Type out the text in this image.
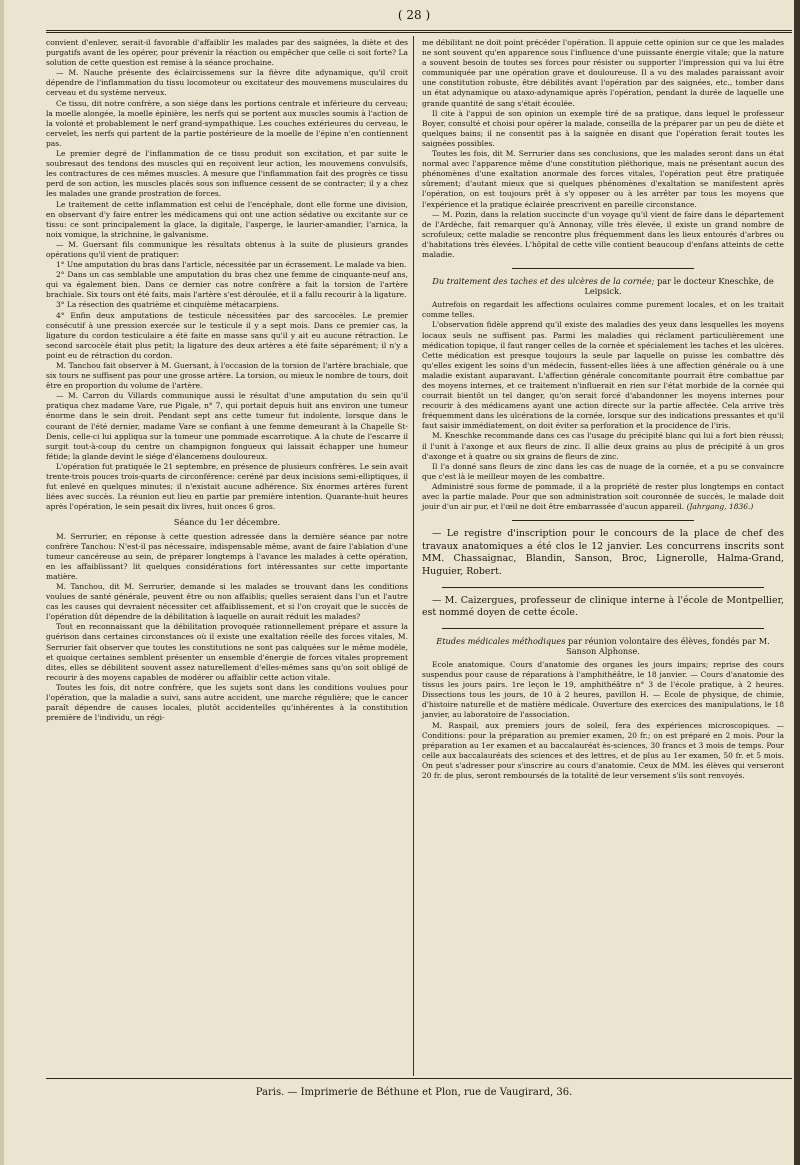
( 28 )

convient d'enlever, serait-il favorable d'affaiblir les malades par des saignées, la diète et des purgatifs avant de les opérer, pour prévenir la réaction ou empêcher que celle ci soit forte? La solution de cette question est remise à la séance prochaine.

— M. Nauche présente des éclaircissemens sur la fièvre dite adynamique, qu'il croit dépendre de l'inflammation du tissu locomoteur ou excitateur des mouvemens musculaires du cerveau et du système nerveux.

Ce tissu, dit notre confrère, a son siége dans les portions centrale et inférieure du cerveau; la moelle alongée, la moelle épinière, les nerfs qui se portent aux muscles soumis à l'action de la volonté et probablement le nerf grand-sympathique. Les couches extérieures du cerveau, le cervelet, les nerfs qui partent de la partie postérieure de la moelle de l'épine n'en contiennent pas.

Le premier degré de l'inflammation de ce tissu produit son excitation, et par suite le soubresaut des tendons des muscles qui en reçoivent leur action, les mouvemens convulsifs, les contractures de ces mêmes muscles. A mesure que l'inflammation fait des progrès ce tissu perd de son action, les muscles placés sous son influence cessent de se contracter; il y a chez les malades une grande prostration de forces.

Le traitement de cette inflammation est celui de l'encéphale, dont elle forme une division, en observant d'y faire entrer les médicamens qui ont une action sédative ou excitante sur ce tissu: ce sont principalement la glace, la digitale, l'asperge, le laurier-amandier, l'arnica, la noix vomique, la strichnine, le galvanisme.

— M. Guersant fils communique les résultats obtenus à la suite de plusieurs grandes opérations qu'il vient de pratiquer:

1° Une amputation du bras dans l'article, nécessitée par un écrasement. Le malade va bien.

2° Dans un cas semblable une amputation du bras chez une femme de cinquante-neuf ans, qui va également bien. Dans ce dernier cas notre confrère a fait la torsion de l'artère brachiale. Six tours ont été faits, mais l'artère s'est déroulée, et il a fallu recourir à la ligature.

3° La résection des quatrième et cinquième métacarpiens.

4° Enfin deux amputations de testicule nécessitées par des sarcocèles. Le premier consécutif à une pression exercée sur le testicule il y a sept mois. Dans ce premier cas, la ligature du cordon testiculaire a été faite en masse sans qu'il y ait eu aucune rétraction. Le second sarcocèle était plus petit; la ligature des deux artères a été faite séparément; il n'y a point eu de rétraction du cordon.

M. Tanchou fait observer à M. Guersant, à l'occasion de la torsion de l'artère brachiale, que six tours ne suffisent pas pour une grosse artère. La torsion, ou mieux le nombre de tours, doit être en proportion du volume de l'artère.

— M. Carron du Villards communique aussi le résultat d'une amputation du sein qu'il pratiqua chez madame Vare, rue Pigale, n° 7, qui portait depuis huit ans environ une tumeur énorme dans le sein droit. Pendant sept ans cette tumeur fut indolente, lorsque dans le courant de l'été dernier, madame Vare se confiant à une femme demeurant à la Chapelle St-Denis, celle-ci lui appliqua sur la tumeur une pommade escarrotique. A la chute de l'escarre il surgit tout-à-coup du centre un champignon fongueux qui laissait échapper une humeur fétide; la glande devint le siége d'élancemens douloureux.

L'opération fut pratiquée le 21 septembre, en présence de plusieurs confrères. Le sein avait trente-trois pouces trois-quarts de circonférence: ceréné par deux incisions semi-elliptiques, il fut enlevé en quelques minutes; il n'existait aucune adhérence. Six énormes artères furent liées avec succès. La réunion eut lieu en partie par première intention. Quarante-huit heures après l'opération, le sein pesait dix livres, huit onces 6 gros.

Séance du 1er décembre.

M. Serrurier, en réponse à cette question adressée dans la dernière séance par notre confrère Tanchou: N'est-il pas nécessaire, indispensable même, avant de faire l'ablation d'une tumeur cancéreuse au sein, de préparer longtemps à l'avance les malades à cette opération, en les affaiblissant? lit quelques considérations fort intéressantes sur cette importante matière.

M. Tanchou, dit M. Serrurier, demande si les malades se trouvant dans les conditions voulues de santé générale, peuvent être ou non affaiblis; quelles seraient dans l'un et l'autre cas les causes qui devraient nécessiter cet affaiblissement, et si l'on croyait que le succès de l'opération dût dépendre de la débilitation à laquelle on aurait réduit les malades?

Tout en reconnaissant que la débilitation provoquée rationnellement prépare et assure la guérison dans certaines circonstances où il existe une exaltation réelle des forces vitales, M. Serrurier fait observer que toutes les constitutions ne sont pas calquées sur le même modèle, et quoique certaines semblent présenter un ensemble d'énergie de forces vitales proprement dites, elles se débilitent souvent assez naturellement d'elles-mêmes sans qu'on soit obligé de recourir à des moyens capables de modérer ou affaiblir cette action vitale.

Toutes les fois, dit notre confrère, que les sujets sont dans les conditions voulues pour l'opération, que la maladie a suivi, sans autre accident, une marche régulière; que le cancer paraît dépendre de causes locales, plutôt accidentelles qu'inhérentes à la constitution première de l'individu, un régi-

me débilitant ne doit point précéder l'opération. Il appuie cette opinion sur ce que les malades ne sont souvent qu'en apparence sous l'influence d'une puissante énergie vitale; que la nature a souvent besoin de toutes ses forces pour résister ou supporter l'impression qui va lui être communiquée par une opération grave et douloureuse. Il a vu des malades paraissant avoir une constitution robuste, être débilités avant l'opération par des saignées, etc., tomber dans un état adynamique ou ataxo-adynamique après l'opération, pendant la durée de laquelle une grande quantité de sang s'était écoulée.

Il cite à l'appui de son opinion un exemple tiré de sa pratique, dans lequel le professeur Boyer, consulté et choisi pour opérer la malade, conseilla de la préparer par un peu de diète et quelques bains; il ne consentit pas à la saignée en disant que l'opération ferait toutes les saignées possibles.

Toutes les fois, dit M. Serrurier dans ses conclusions, que les malades seront dans un état normal avec l'apparence même d'une constitution pléthorique, mais ne présentant aucun des phénomènes d'une exaltation anormale des forces vitales, l'opération peut être pratiquée sûrement; d'autant mieux que si quelques phénomènes d'exaltation se manifestent après l'opération, on est toujours prêt à s'y opposer ou à les arrêter par tous les moyens que l'expérience et la pratique éclairée prescrivent en pareille circonstance.

— M. Pozin, dans la relation succincte d'un voyage qu'il vient de faire dans le département de l'Ardèche, fait remarquer qu'à Annonay, ville très élevée, il existe un grand nombre de scrofuleux; cette maladie se rencontre plus fréquemment dans les lieux entourés d'arbres ou d'habitations très élevées. L'hôpital de cette ville contient beaucoup d'enfans atteints de cette maladie.

Du traitement des taches et des ulcères de la cornée; par le docteur Kneschke, de Leipsick.

Autrefois on regardait les affections oculaires comme purement locales, et on les traitait comme telles.

L'observation fidèle apprend qu'il existe des maladies des yeux dans lesquelles les moyens locaux seuls ne suffisent pas. Parmi les maladies qui réclament particulièrement une médication topique, il faut ranger celles de la cornée et spécialement les taches et les ulcères. Cette médication est presque toujours la seule par laquelle on puisse les combattre dès qu'elles exigent les soins d'un médecin, fussent-elles liées à une affection générale ou à une maladie existant auparavant. L'affection générale concomitante pourrait être combattue par des moyens internes, et ce traitement n'influerait en rien sur l'état morbide de la cornée qui courrait bientôt un tel danger, qu'on serait forcé d'abandonner les moyens internes pour recourir à des médicamens ayant une action directe sur la partie affectée. Cela arrive très fréquemment dans les ulcérations de la cornée, lorsque sur des indications pressantes et qu'il faut saisir immédiatement, on doit éviter sa perforation et la procidence de l'iris.

M. Kneschke recommande dans ces cas l'usage du précipité blanc qui lui a fort bien réussi; il l'unit à l'axonge et aux fleurs de zinc. Il allie deux grains au plus de précipité à un gros d'axonge et à quatre ou six grains de fleurs de zinc.

Il l'a donné sans fleurs de zinc dans les cas de nuage de la cornée, et a pu se convaincre que c'est là le meilleur moyen de les combattre.

Administré sous forme de pommade, il a la propriété de rester plus longtemps en contact avec la partie malade. Pour que son administration soit couronnée de succès, le malade doit jouir d'un air pur, et l'œil ne doit être embarrassée d'aucun appareil. (Jahrgang, 1836.)

— Le registre d'inscription pour le concours de la place de chef des travaux anatomiques a été clos le 12 janvier. Les concurrens inscrits sont MM. Chassaignac, Blandin, Sanson, Broc, Lignerolle, Halma-Grand, Huguier, Robert.

— M. Caizergues, professeur de clinique interne à l'école de Montpellier, est nommé doyen de cette école.

Etudes médicales méthodiques par réunion volontaire des élèves, fondés par M. Sanson Alphonse.

Ecole anatomique. Cours d'anatomie des organes les jours impairs; reprise des cours suspendus pour cause de réparations à l'amphithéâtre, le 18 janvier. — Cours d'anatomie des tissus les jours pairs. 1re leçon le 19, amphithéâtre n° 3 de l'école pratique, à 2 heures. Dissections tous les jours, de 10 à 2 heures, pavillon H. — Ecole de physique, de chimie, d'histoire naturelle et de matière médicale. Ouverture des exercices des manipulations, le 18 janvier, au laboratoire de l'association.

M. Raspail, aux premiers jours de soleil, fera des expériences microscopiques. — Conditions: pour la préparation au premier examen, 20 fr.; on est préparé en 2 mois. Pour la préparation au 1er examen et au baccalauréat ès-sciences, 30 francs et 3 mois de temps. Pour celle aux baccalauréats des sciences et des lettres, et de plus au 1er examen, 50 fr. et 5 mois. On peut s'adresser pour s'inscrire au cours d'anatomie. Ceux de MM. les élèves qui verseront 20 fr. de plus, seront remboursés de la totalité de leur versement s'ils sont renvoyés.

Paris. — Imprimerie de Béthune et Plon, rue de Vaugirard, 36.
